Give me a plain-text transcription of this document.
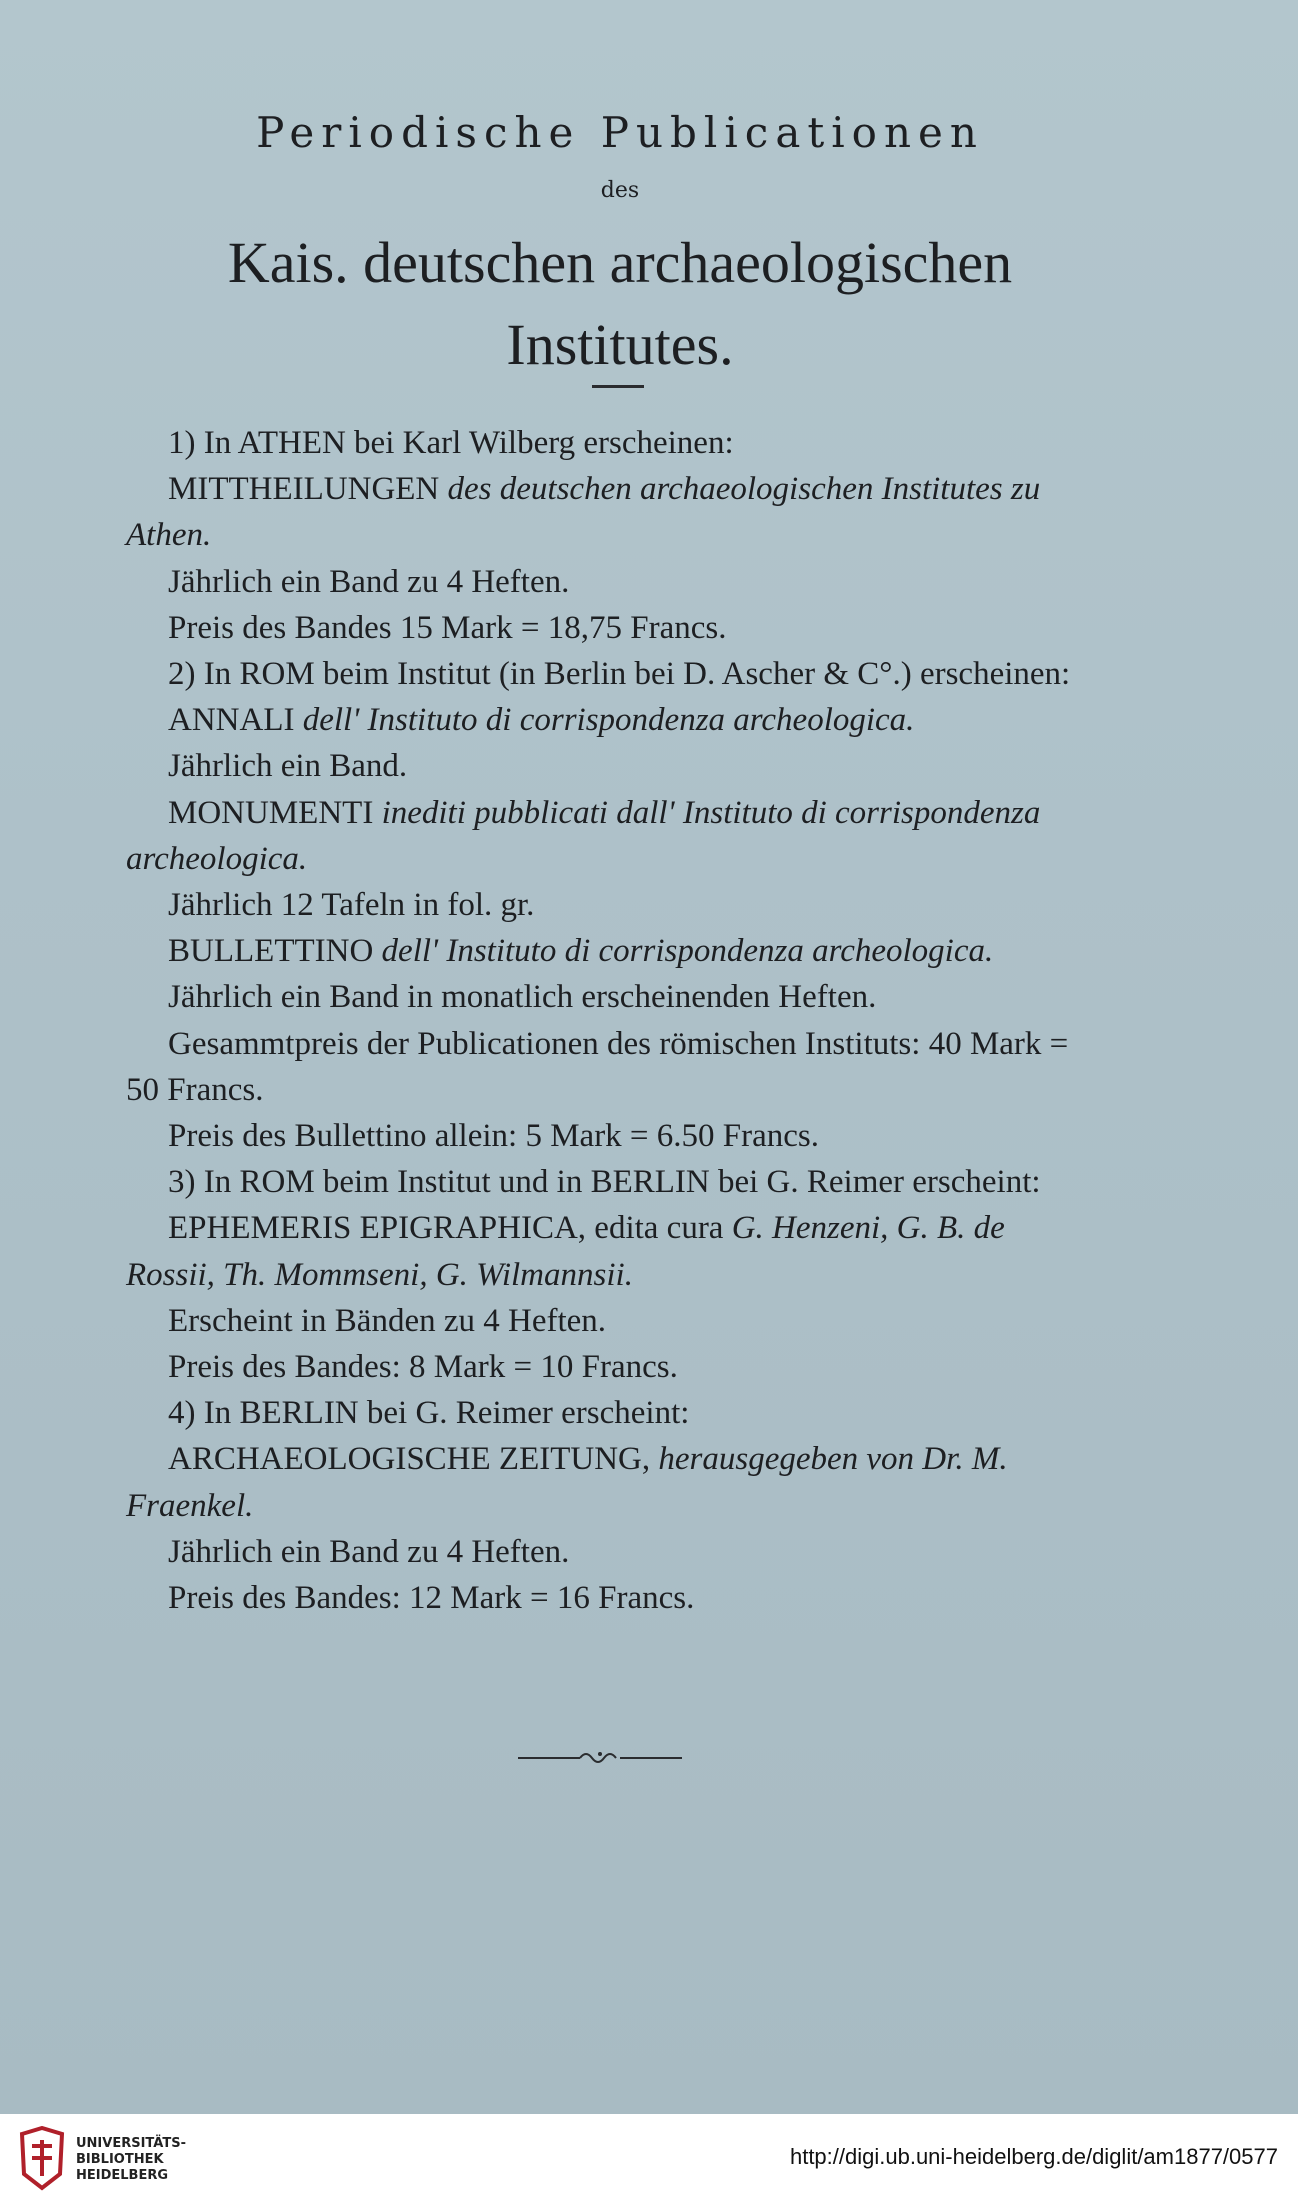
Periodische Publicationen
des
Kais. deutschen archaeologischen
Institutes.

1) In ATHEN bei Karl Wilberg erscheinen:

MITTHEILUNGEN des deutschen archaeologischen Institutes zu Athen.

Jährlich ein Band zu 4 Heften.

Preis des Bandes 15 Mark = 18,75 Francs.

2) In ROM beim Institut (in Berlin bei D. Ascher & C°.) erscheinen:

ANNALI dell' Instituto di corrispondenza archeologica.

Jährlich ein Band.

MONUMENTI inediti pubblicati dall' Instituto di corrispondenza archeologica.

Jährlich 12 Tafeln in fol. gr.

BULLETTINO dell' Instituto di corrispondenza archeologica.

Jährlich ein Band in monatlich erscheinenden Heften.

Gesammtpreis der Publicationen des römischen Instituts: 40 Mark = 50 Francs.

Preis des Bullettino allein: 5 Mark = 6.50 Francs.

3) In ROM beim Institut und in BERLIN bei G. Reimer erscheint:

EPHEMERIS EPIGRAPHICA, edita cura G. Henzeni, G. B. de Rossii, Th. Mommseni, G. Wilmannsii.

Erscheint in Bänden zu 4 Heften.

Preis des Bandes: 8 Mark = 10 Francs.

4) In BERLIN bei G. Reimer erscheint:

ARCHAEOLOGISCHE ZEITUNG, herausgegeben von Dr. M. Fraenkel.

Jährlich ein Band zu 4 Heften.

Preis des Bandes: 12 Mark = 16 Francs.

UNIVERSITÄTS-
BIBLIOTHEK
HEIDELBERG
http://digi.ub.uni-heidelberg.de/diglit/am1877/0577
